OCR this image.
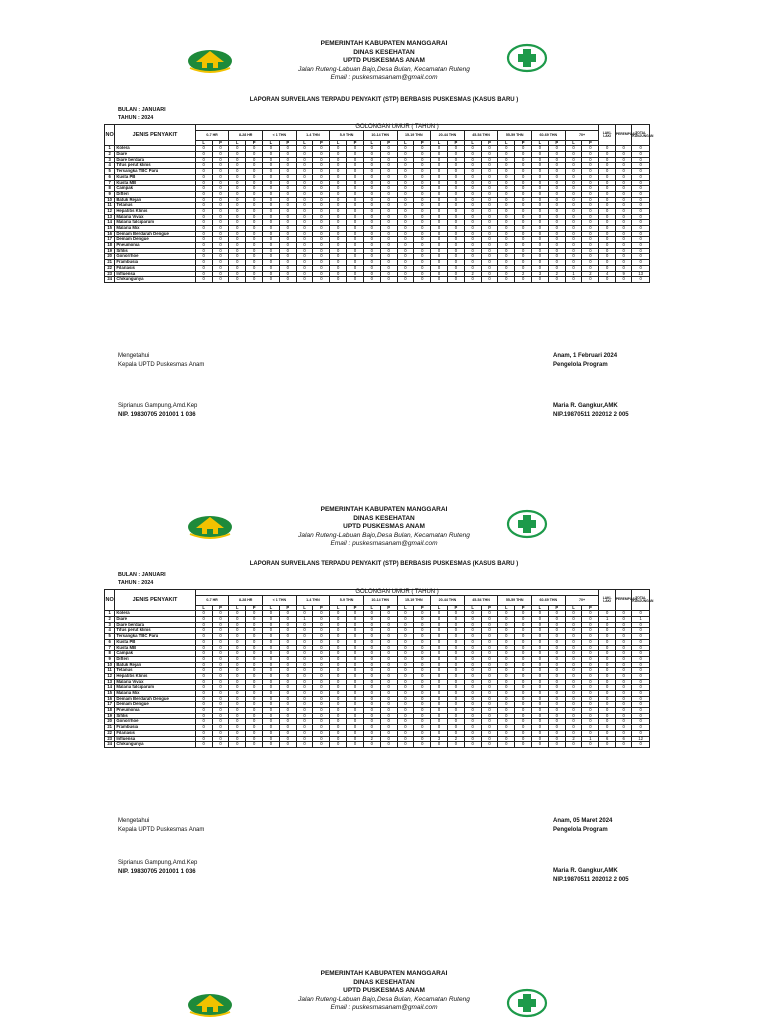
PEMERINTAH KABUPATEN MANGGARAI
DINAS KESEHATAN
UPTD PUSKESMAS ANAM
Jalan Ruteng-Labuan Bajo,Desa Bulan, Kecamatan Ruteng
Email : puskesmasanam@gmail.com
LAPORAN SURVEILANS TERPADU PENYAKIT (STP) BERBASIS PUSKESMAS (KASUS BARU )
BULAN : JANUARI
TAHUN : 2024
NO	JENIS PENYAKIT	GOLONGAN UMUR ( TAHUN )																								LAKI-LAKI	PEREMPUAN	TOTAL KUNJUNGAN
		0-7 HR		8-28 HR		< 1 THN		1-4 THN		5-9 THN		10-14 THN		15-19 THN		20-44 THN		45-54 THN		55-59 THN		60-69 THN		70+				
		L	P	L	P	L	P	L	P	L	P	L	P	L	P	L	P	L	P	L	P	L	P	L	P			
1	Kolera	0	0	0	0	0	0	0	0	0	0	0	0	0	0	0	0	0	0	0	0	0	0	0	0	0	0	0
2	Diare	0	0	0	0	0	0	0	0	0	0	0	0	0	0	0	0	0	0	0	0	0	0	0	0	0	0	0
3	Diare berdara	0	0	0	0	0	0	0	0	0	0	0	0	0	0	0	0	0	0	0	0	0	0	0	0	0	0	0
4	Tifus perut klinis	0	0	0	0	0	0	0	0	0	0	0	0	0	0	0	0	0	0	0	0	0	0	0	0	0	0	0
5	Tersangka TBC Paru	0	0	0	0	0	0	0	0	0	0	0	0	0	0	0	0	0	0	0	0	0	0	0	0	0	0	0
6	Kusta PB	0	0	0	0	0	0	0	0	0	0	0	0	0	0	0	0	0	0	0	0	0	0	0	0	0	0	0
7	Kusta MB	0	0	0	0	0	0	0	0	0	0	0	0	0	0	0	0	0	0	0	0	0	0	0	0	0	0	0
8	Campak	0	0	0	0	0	0	0	0	0	0	0	0	0	0	0	0	0	0	0	0	0	0	0	0	0	0	0
9	Difteri	0	0	0	0	0	0	0	0	0	0	0	0	0	0	0	0	0	0	0	0	0	0	0	0	0	0	0
10	Batuk Rejan	0	0	0	0	0	0	0	0	0	0	0	0	0	0	0	0	0	0	0	0	0	0	0	0	0	0	0
11	Tetanus	0	0	0	0	0	0	0	0	0	0	0	0	0	0	0	0	0	0	0	0	0	0	0	0	0	0	0
12	Hepatitis Klinis	0	0	0	0	0	0	0	0	0	0	0	0	0	0	0	0	0	0	0	0	0	0	0	0	0	0	0
13	Malaria Vivax	0	0	0	0	0	0	0	0	0	0	0	0	0	0	0	0	0	0	0	0	0	0	0	0	0	0	0
14	Malaria falciparum	0	0	0	0	0	0	0	0	0	0	0	0	0	0	0	0	0	0	0	0	0	0	0	0	0	0	0
15	Malaria Mix	0	0	0	0	0	0	0	0	0	0	0	0	0	0	0	0	0	0	0	0	0	0	0	0	0	0	0
16	Demam Berdarah Dengue	0	0	0	0	0	0	0	0	0	0	0	0	0	0	0	0	0	0	0	0	0	0	0	0	0	0	0
17	Demam Dengue	0	0	0	0	0	0	0	0	0	0	0	0	0	0	0	0	0	0	0	0	0	0	0	0	0	0	0
18	Pneumonia	0	0	0	0	0	0	0	0	0	0	0	0	0	0	0	0	0	0	0	0	0	0	0	0	0	0	0
19	Sifilis	0	0	0	0	0	0	0	0	0	0	0	0	0	0	0	0	0	0	0	0	0	0	0	0	0	0	0
20	Gonorrhoe	0	0	0	0	0	0	0	0	0	0	0	0	0	0	0	0	0	0	0	0	0	0	0	0	0	0	0
21	Frambusia	0	0	0	0	0	0	0	0	0	0	0	0	0	0	0	0	0	0	0	0	0	0	0	0	0	0	0
22	Filariasis	0	0	0	0	0	0	0	0	0	0	0	0	0	0	0	0	0	0	0	0	0	0	0	0	0	0	0
23	Influensa	0	0	0	0	0	0	0	0	0	0	0	0	0	0	0	0	2	0	0	2	3	2	1	2	4	9	13
24	Chikungunya	0	0	0	0	0	0	0	0	0	0	0	0	0	0	0	0	0	0	0	0	0	0	0	0	0	0	0
Mengetahui
Kepala UPTD Puskesmas Anam
Siprianus Gampung,Amd.Kep
NIP. 19830705 201001 1 036
Anam, 1 Februari 2024
Pengelola Program
Maria R. Gangkur,AMK
NIP.19870511 202012 2 005
PEMERINTAH KABUPATEN MANGGARAI
DINAS KESEHATAN
UPTD PUSKESMAS ANAM
Jalan Ruteng-Labuan Bajo,Desa Bulan, Kecamatan Ruteng
Email : puskesmasanam@gmail.com
LAPORAN SURVEILANS TERPADU PENYAKIT (STP) BERBASIS PUSKESMAS (KASUS BARU )
BULAN : JANUARI
TAHUN : 2024
NO	JENIS PENYAKIT	GOLONGAN UMUR ( TAHUN )																								LAKI-LAKI	PEREMPUAN	TOTAL KUNJUNGAN
		0-7 HR		8-28 HR		< 1 THN		1-4 THN		5-9 THN		10-14 THN		15-19 THN		20-44 THN		45-54 THN		55-59 THN		60-69 THN		70+				
		L	P	L	P	L	P	L	P	L	P	L	P	L	P	L	P	L	P	L	P	L	P	L	P			
1	Kolera	0	0	0	0	0	0	0	0	0	0	0	0	0	0	0	0	0	0	0	0	0	0	0	0	0	0	0
2	Diare	0	0	0	0	0	0	1	0	0	0	0	0	0	0	0	0	0	0	0	0	0	0	0	0	1	0	1
3	Diare berdara	0	0	0	0	0	0	0	0	0	0	0	0	0	0	0	0	0	0	0	0	0	0	0	0	0	0	0
4	Tifus perut klinis	0	0	0	0	0	0	0	0	0	0	0	0	0	0	0	0	0	0	0	0	0	0	0	0	0	0	0
5	Tersangka TBC Paru	0	0	0	0	0	0	0	0	0	0	0	0	0	0	0	0	0	0	0	0	0	0	0	0	0	0	0
6	Kusta PB	0	0	0	0	0	0	0	0	0	0	0	0	0	0	0	0	0	0	0	0	0	0	0	0	0	0	0
7	Kusta MB	0	0	0	0	0	0	0	0	0	0	0	0	0	0	0	0	0	0	0	0	0	0	0	0	0	0	0
8	Campak	0	0	0	0	0	0	0	0	0	0	0	0	0	0	0	0	0	0	0	0	0	0	0	0	0	0	0
9	Difteri	0	0	0	0	0	0	0	0	0	0	0	0	0	0	0	0	0	0	0	0	0	0	0	0	0	0	0
10	Batuk Rejan	0	0	0	0	0	0	0	0	0	0	0	0	0	0	0	0	0	0	0	0	0	0	0	0	0	0	0
11	Tetanus	0	0	0	0	0	0	0	0	0	0	0	0	0	0	0	0	0	0	0	0	0	0	0	0	0	0	0
12	Hepatitis Klinis	0	0	0	0	0	0	0	0	0	0	0	0	0	0	0	0	0	0	0	0	0	0	0	0	0	0	0
13	Malaria Vivax	0	0	0	0	0	0	0	0	0	0	0	0	0	0	0	0	0	0	0	0	0	0	0	0	0	0	0
14	Malaria falciparum	0	0	0	0	0	0	0	0	0	0	0	0	0	0	0	0	0	0	0	0	0	0	0	0	0	0	0
15	Malaria Mix	0	0	0	0	0	0	0	0	0	0	0	0	0	0	0	0	0	0	0	0	0	0	0	0	0	0	0
16	Demam Berdarah Dengue	0	0	0	0	0	0	0	0	0	0	0	0	0	0	0	0	0	0	0	0	0	0	0	0	0	0	0
17	Demam Dengue	0	0	0	0	0	0	0	0	0	0	0	0	0	0	0	0	0	0	0	0	0	0	0	0	0	0	0
18	Pneumonia	0	0	0	0	0	0	0	0	0	0	0	0	0	0	0	0	0	0	0	0	0	0	0	0	0	0	0
19	Sifilis	0	0	0	0	0	0	0	0	0	0	0	0	0	0	0	0	0	0	0	0	0	0	0	0	0	0	0
20	Gonorrhoe	0	0	0	0	0	0	0	0	0	0	0	0	0	0	0	0	0	0	0	0	0	0	0	0	0	0	0
21	Frambusia	0	0	0	0	0	0	0	0	0	0	0	0	0	0	0	0	0	0	0	0	0	0	0	0	0	0	0
22	Filariasis	0	0	0	0	0	0	0	0	0	0	0	0	0	0	0	0	0	0	0	0	0	0	0	0	0	0	0
23	Influensa	0	0	0	0	0	0	0	0	0	0	2	0	0	0	3	2	0	0	0	0	0	0	2	1	6	6	12
24	Chikungunya	0	0	0	0	0	0	0	0	0	0	0	0	0	0	0	0	0	0	0	0	0	0	0	0	0	0	0
Mengetahui
Kepala UPTD Puskesmas Anam
Siprianus Gampung,Amd.Kep
NIP. 19830705 201001 1 036
Anam, 05 Maret 2024
Pengelola Program
Maria R. Gangkur,AMK
NIP.19870511 202012 2 005
PEMERINTAH KABUPATEN MANGGARAI
DINAS KESEHATAN
UPTD PUSKESMAS ANAM
Jalan Ruteng-Labuan Bajo,Desa Bulan, Kecamatan Ruteng
Email : puskesmasanam@gmail.com
